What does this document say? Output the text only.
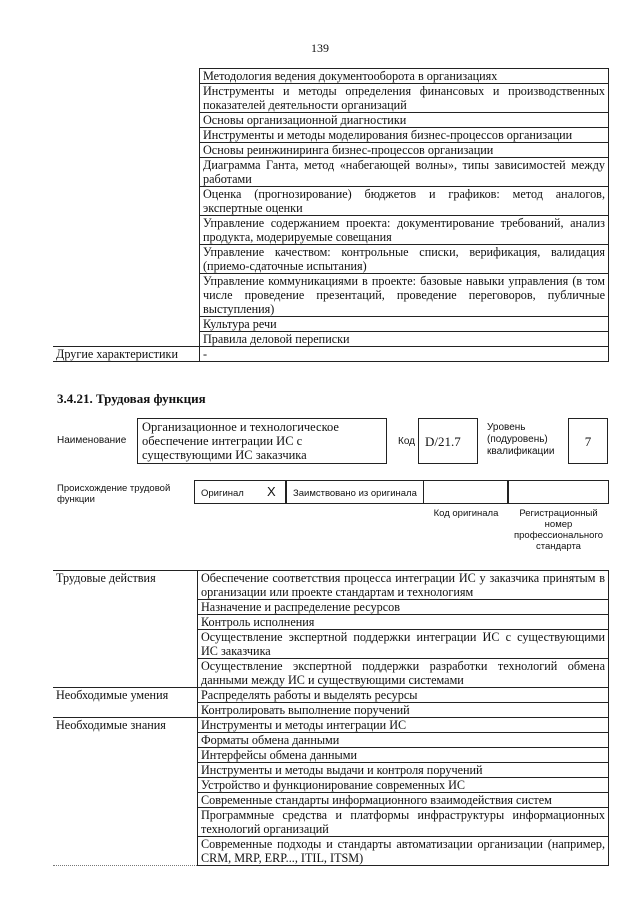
139
	Методология ведения документооборота в организациях
	Инструменты и методы определения финансовых и производственных показателей деятельности организаций
	Основы организационной диагностики
	Инструменты и методы моделирования бизнес-процессов организации
	Основы реинжиниринга бизнес-процессов организации
	Диаграмма Ганта, метод «набегающей волны», типы зависимостей между работами
	Оценка (прогнозирование) бюджетов и графиков: метод аналогов, экспертные оценки
	Управление содержанием проекта: документирование требований, анализ продукта, модерируемые совещания
	Управление качеством: контрольные списки, верификация, валидация (приемо-сдаточные испытания)
	Управление коммуникациями в проекте: базовые навыки управления (в том числе проведение презентаций, проведение переговоров, публичные выступления)
	Культура речи
	Правила деловой переписки
Другие характеристики	-
3.4.21. Трудовая функция
Наименование
Организационное и технологическое обеспечение интеграции ИС с существующими ИС заказчика
Код D/21.7
Уровень (подуровень) квалификации
7
Происхождение трудовой функции
Оригинал X Заимствовано из оригинала
Код оригинала	Регистрационный номер профессионального стандарта
Трудовые действия	Обеспечение соответствия процесса интеграции ИС у заказчика принятым в организации или проекте стандартам и технологиям
	Назначение и распределение ресурсов
	Контроль исполнения
	Осуществление экспертной поддержки интеграции ИС с существующими ИС заказчика
	Осуществление экспертной поддержки разработки технологий обмена данными между ИС и существующими системами
Необходимые умения	Распределять работы и выделять ресурсы
	Контролировать выполнение поручений
Необходимые знания	Инструменты и методы интеграции ИС
	Форматы обмена данными
	Интерфейсы обмена данными
	Инструменты и методы выдачи и контроля поручений
	Устройство и функционирование современных ИС
	Современные стандарты информационного взаимодействия систем
	Программные средства и платформы инфраструктуры информационных технологий организаций
	Современные подходы и стандарты автоматизации организации (например, CRM, MRP, ERP..., ITIL, ITSM)
